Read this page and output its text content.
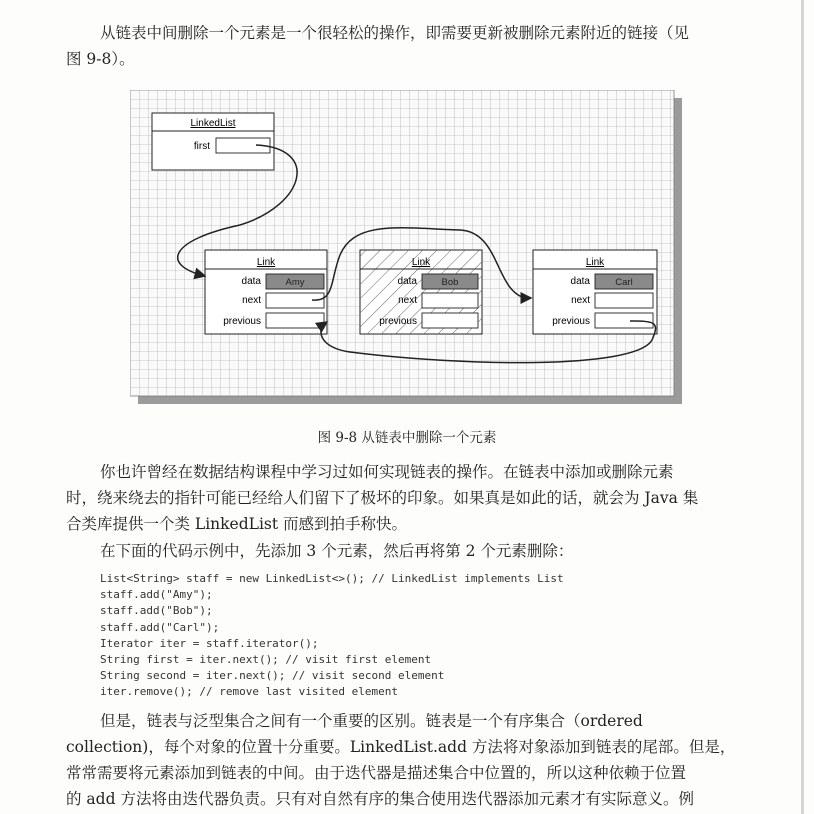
从链表中间删除一个元素是一个很轻松的操作，即需要更新被删除元素附近的链接（见
图 9-8）。
LinkedList
first
Link
data	Amy
next
previous
Link
data	Bob
next
previous
Link
data	Carl
next
previous
图 9-8 从链表中删除一个元素
你也许曾经在数据结构课程中学习过如何实现链表的操作。在链表中添加或删除元素
时，绕来绕去的指针可能已经给人们留下了极坏的印象。如果真是如此的话，就会为 Java 集
合类库提供一个类 LinkedList 而感到拍手称快。
在下面的代码示例中，先添加 3 个元素，然后再将第 2 个元素删除：
List<String> staff = new LinkedList<>(); // LinkedList implements List
staff.add("Amy");
staff.add("Bob");
staff.add("Carl");
Iterator iter = staff.iterator();
String first = iter.next(); // visit first element
String second = iter.next(); // visit second element
iter.remove(); // remove last visited element
但是，链表与泛型集合之间有一个重要的区别。链表是一个有序集合（ordered
collection)，每个对象的位置十分重要。LinkedList.add 方法将对象添加到链表的尾部。但是，
常常需要将元素添加到链表的中间。由于迭代器是描述集合中位置的，所以这种依赖于位置
的 add 方法将由迭代器负责。只有对自然有序的集合使用迭代器添加元素才有实际意义。例
